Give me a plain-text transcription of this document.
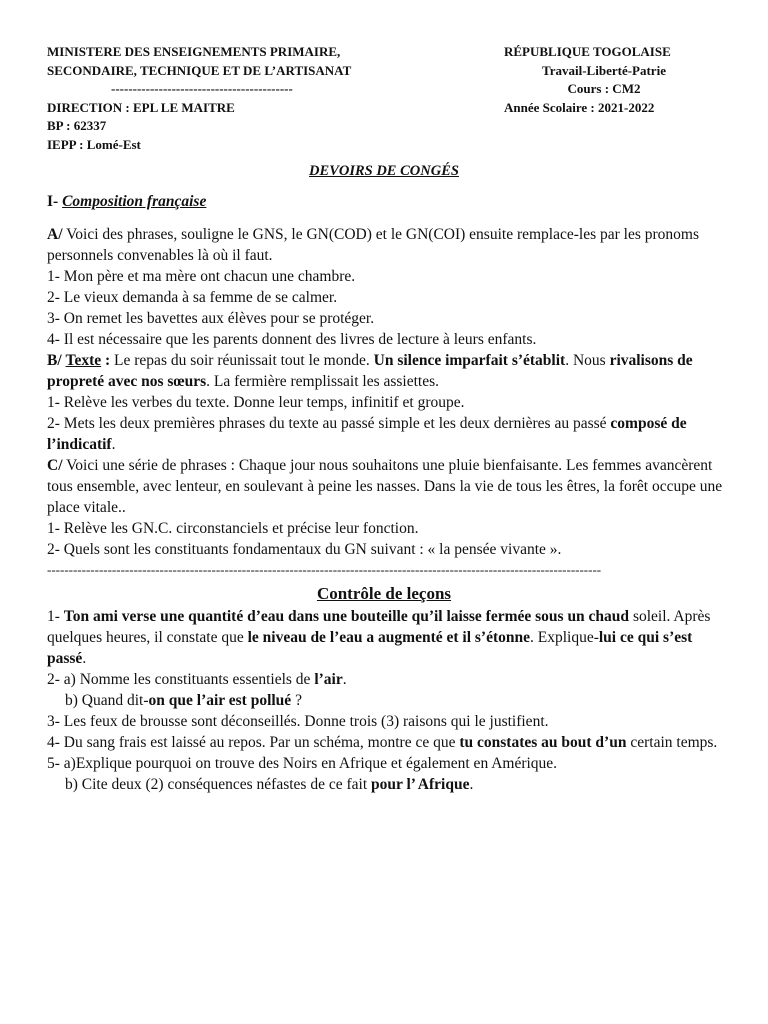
MINISTERE DES ENSEIGNEMENTS PRIMAIRE,
SECONDAIRE, TECHNIQUE ET DE L’ARTISANAT
------------------------------------------
DIRECTION : EPL LE MAITRE
BP : 62337
IEPP : Lomé-Est
RÉPUBLIQUE TOGOLAISE
Travail-Liberté-Patrie
Cours : CM2
Année Scolaire : 2021-2022
DEVOIRS DE CONGÉS
I- Composition française

A/ Voici des phrases, souligne le GNS, le GN(COD) et le GN(COI) ensuite remplace-les par les pronoms personnels convenables là où il faut.

1- Mon père et ma mère ont chacun une chambre.

2- Le vieux demanda à sa femme de se calmer.

3- On remet les bavettes aux élèves pour se protéger.

4- Il est nécessaire que les parents donnent des livres de lecture à leurs enfants.

B/ Texte : Le repas du soir réunissait tout le monde. Un silence imparfait s’établit. Nous rivalisons de propreté avec nos sœurs. La fermière remplissait les assiettes.

1- Relève les verbes du texte. Donne leur temps, infinitif et groupe.

2- Mets les deux premières phrases du texte au passé simple et les deux dernières au passé composé de l’indicatif.

C/ Voici une série de phrases : Chaque jour nous souhaitons une pluie bienfaisante. Les femmes avancèrent tous ensemble, avec lenteur, en soulevant à peine les nasses. Dans la vie de tous les êtres, la forêt occupe une place vitale..

1- Relève les GN.C. circonstanciels et précise leur fonction.

2- Quels sont les constituants fondamentaux du GN suivant : « la pensée vivante ».

--------------------------------------------------------------------------------------------------------------------------------
Contrôle de leçons

1- Ton ami verse une quantité d’eau dans une bouteille qu’il laisse fermée sous un chaud soleil. Après quelques heures, il constate que le niveau de l’eau a augmenté et il s’étonne. Explique-lui ce qui s’est passé.

2- a) Nomme les constituants essentiels de l’air.

b) Quand dit-on que l’air est pollué ?

3- Les feux de brousse sont déconseillés. Donne trois (3) raisons qui le justifient.

4- Du sang frais est laissé au repos. Par un schéma, montre ce que tu constates au bout d’un certain temps.

5- a)Explique pourquoi on trouve des Noirs en Afrique et également en Amérique.

b) Cite deux (2) conséquences néfastes de ce fait pour l’ Afrique.
